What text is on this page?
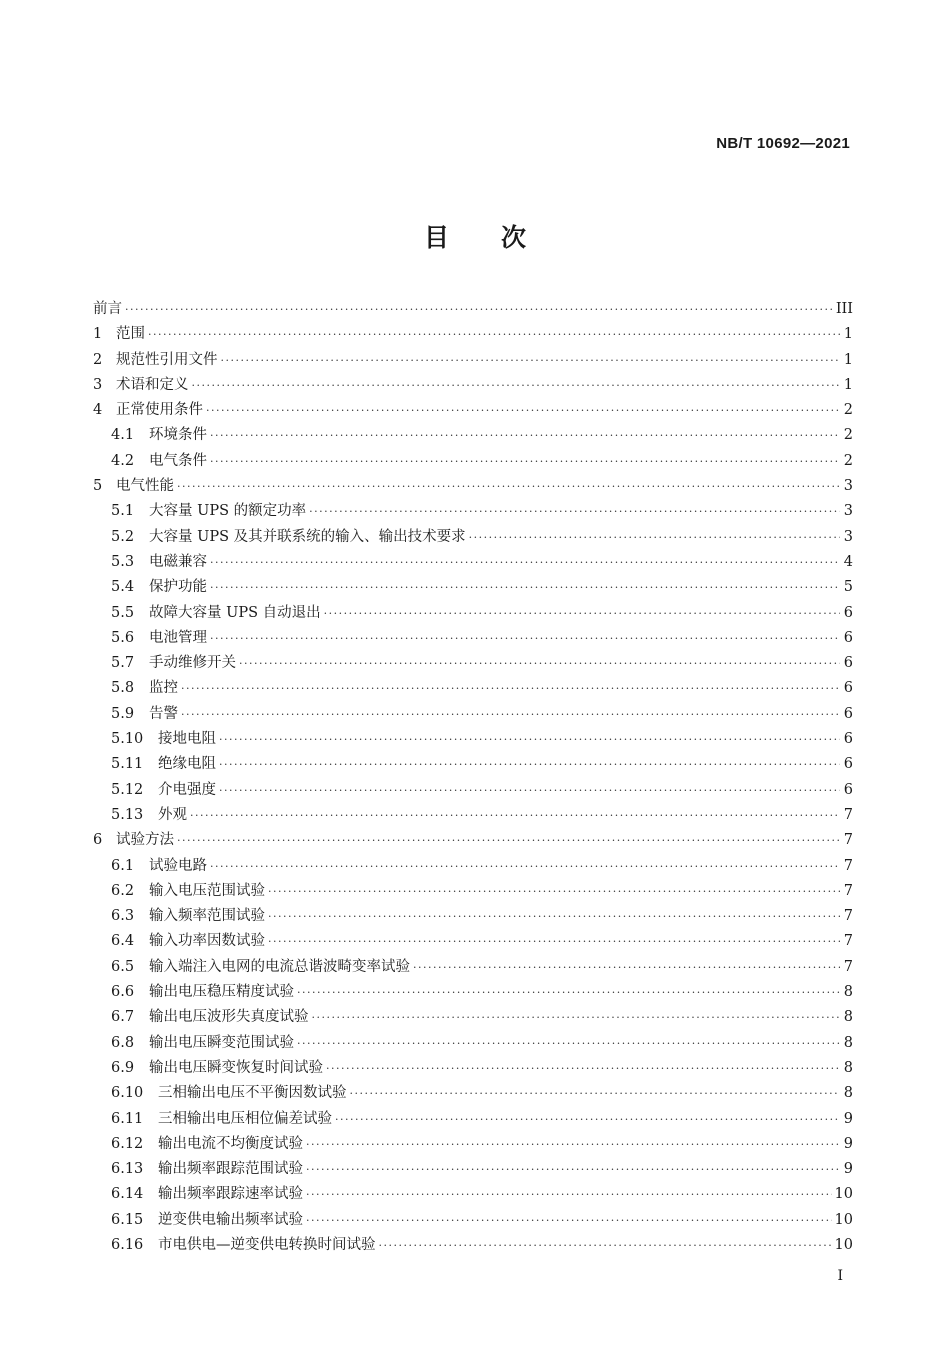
NB/T 10692—2021
目 次
前言 ·····	III
1 范围 ·····	1
2 规范性引用文件 ·····	1
3 术语和定义 ·····	1
4 正常使用条件 ·····	2
4.1	环境条件 ·····	2
4.2	电气条件 ·····	2
5 电气性能 ·····	3
5.1	大容量 UPS 的额定功率 ·····	3
5.2	大容量 UPS 及其并联系统的输入、输出技术要求 ·····	3
5.3	电磁兼容 ·····	4
5.4	保护功能 ·····	5
5.5	故障大容量 UPS 自动退出 ·····	6
5.6	电池管理 ·····	6
5.7	手动维修开关 ·····	6
5.8	监控 ·····	6
5.9	告警 ·····	6
5.10	接地电阻 ·····	6
5.11	绝缘电阻 ·····	6
5.12	介电强度 ·····	6
5.13	外观 ·····	7
6 试验方法 ·····	7
6.1	试验电路 ·····	7
6.2	输入电压范围试验 ·····	7
6.3	输入频率范围试验 ·····	7
6.4	输入功率因数试验 ·····	7
6.5	输入端注入电网的电流总谐波畸变率试验 ·····	7
6.6	输出电压稳压精度试验 ·····	8
6.7	输出电压波形失真度试验 ·····	8
6.8	输出电压瞬变范围试验 ·····	8
6.9	输出电压瞬变恢复时间试验 ·····	8
6.10	三相输出电压不平衡因数试验 ·····	8
6.11	三相输出电压相位偏差试验 ·····	9
6.12	输出电流不均衡度试验 ·····	9
6.13	输出频率跟踪范围试验 ·····	9
6.14	输出频率跟踪速率试验 ·····	10
6.15	逆变供电输出频率试验 ·····	10
6.16	市电供电—逆变供电转换时间试验 ·····	10
I
